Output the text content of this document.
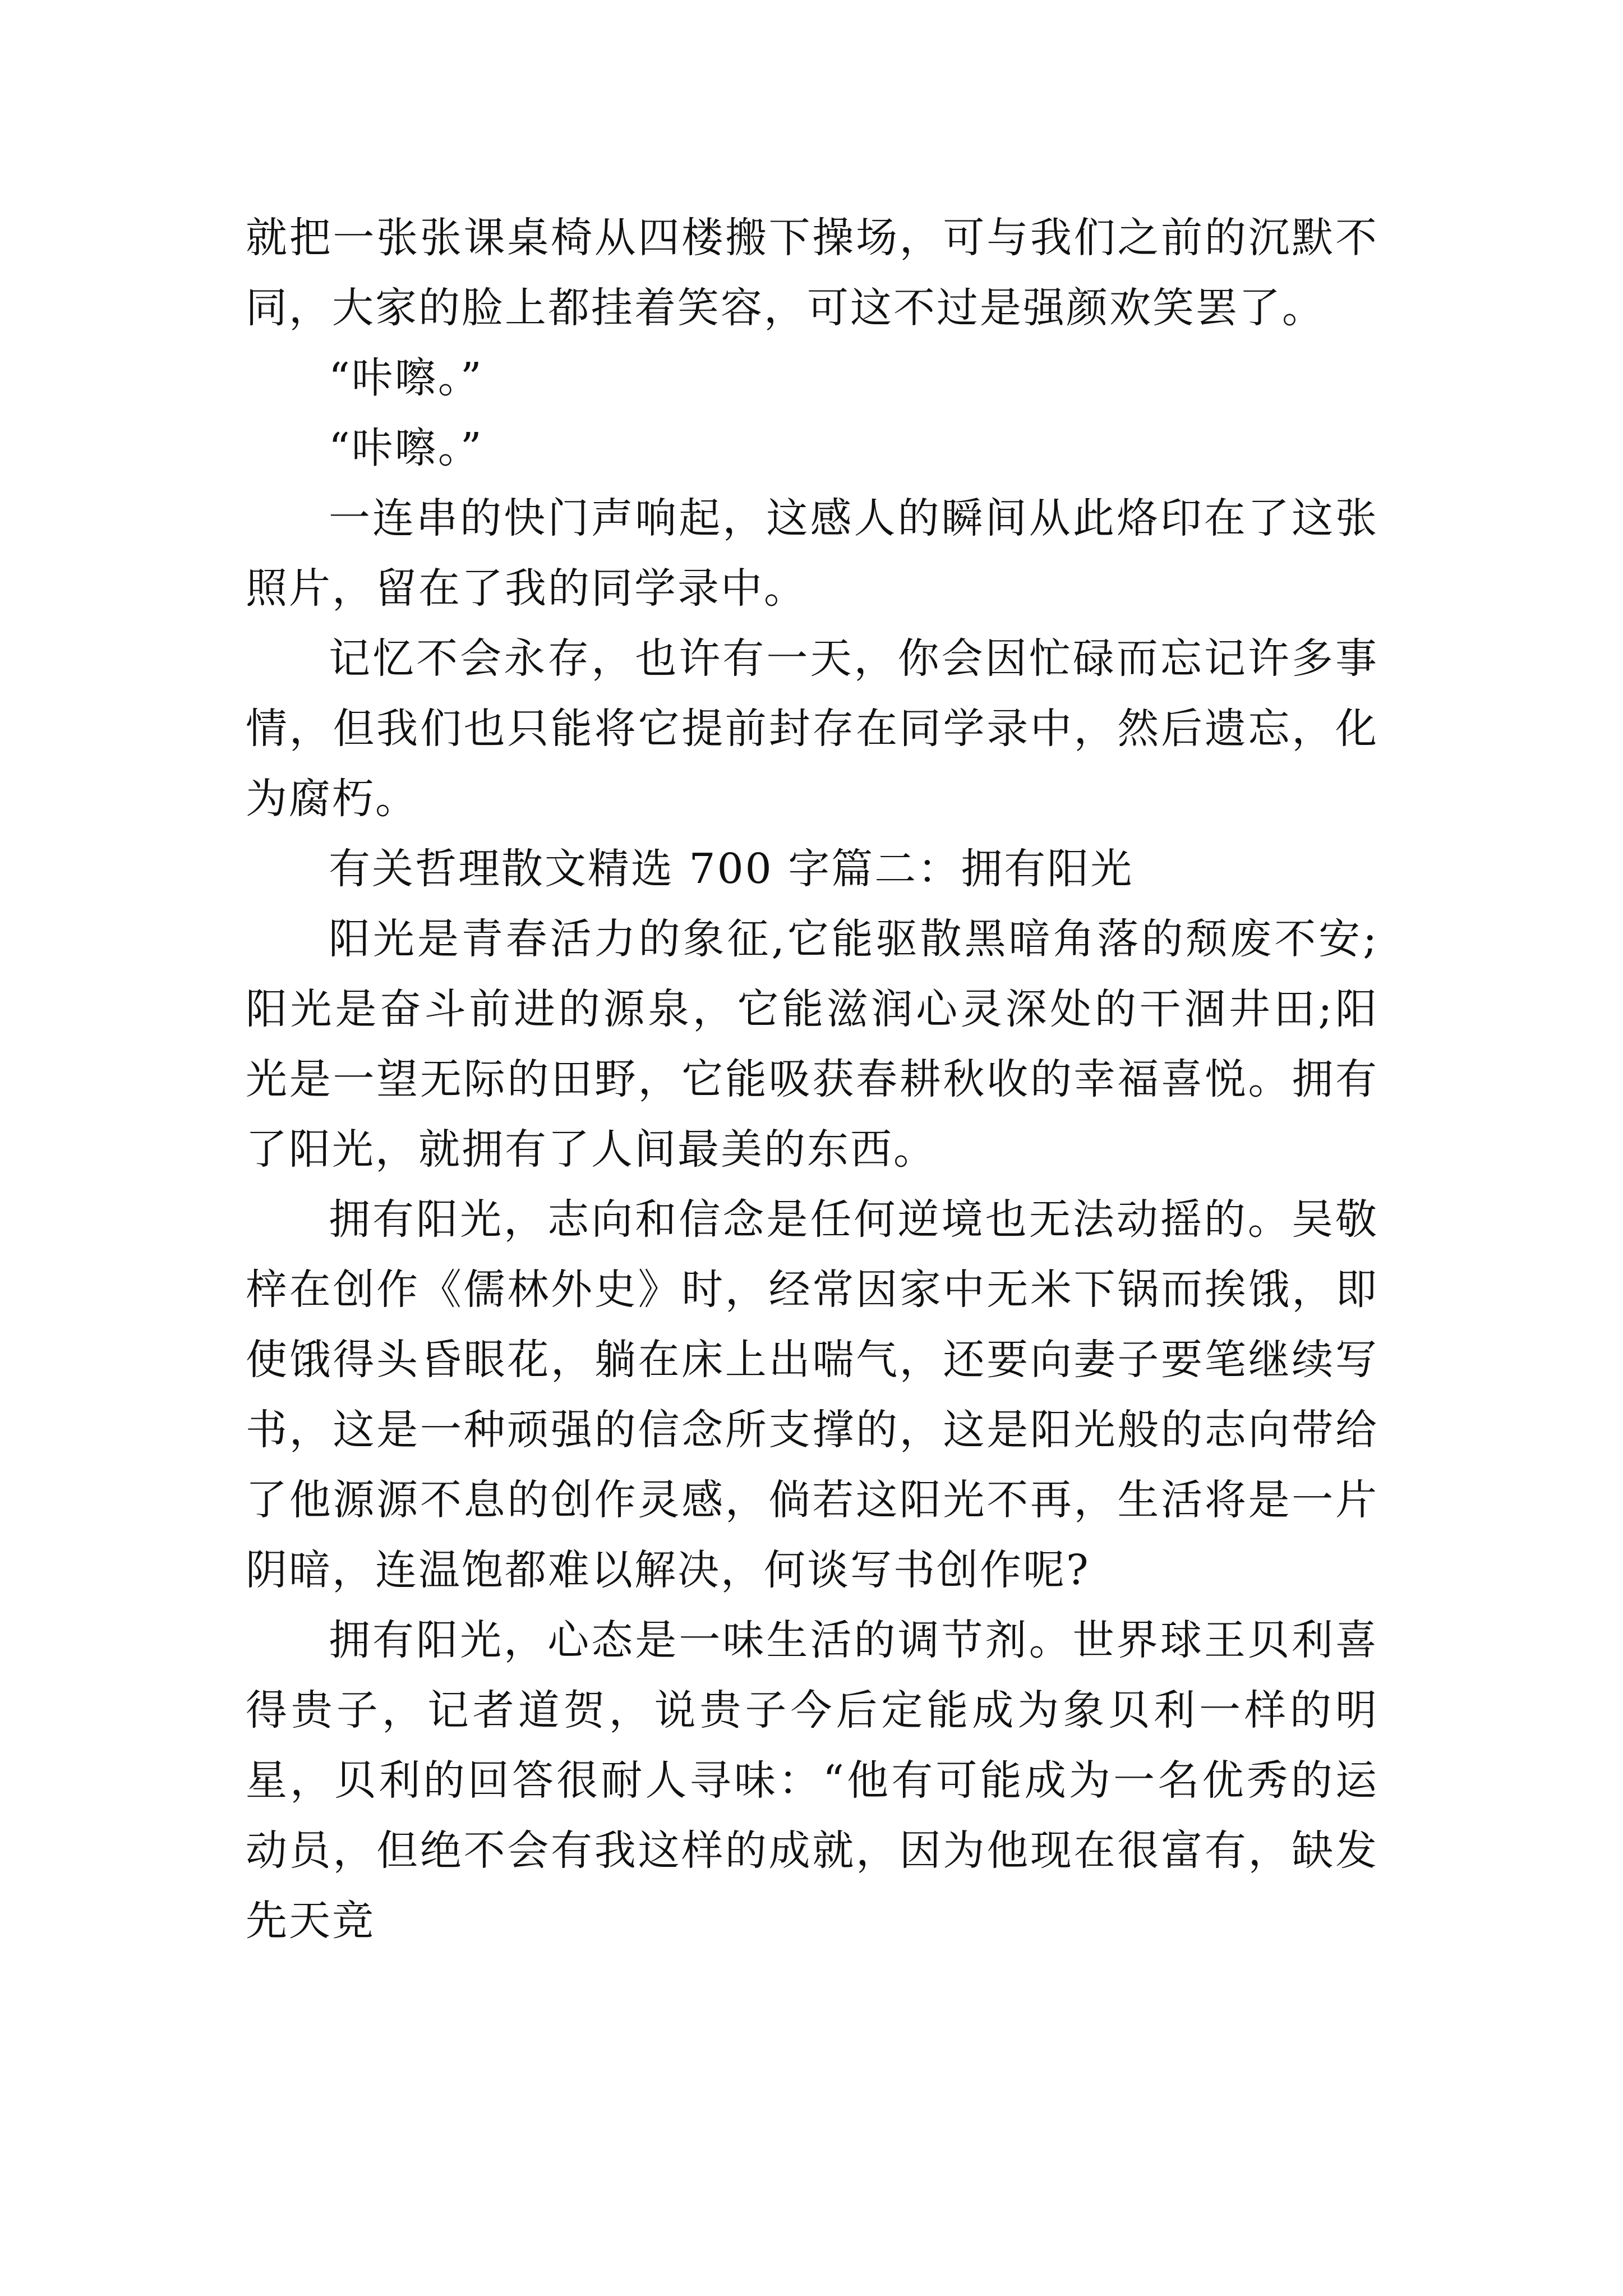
就把一张张课桌椅从四楼搬下操场，可与我们之前的沉默不同，大家的脸上都挂着笑容，可这不过是强颜欢笑罢了。

“咔嚓。”

“咔嚓。”

一连串的快门声响起，这感人的瞬间从此烙印在了这张照片，留在了我的同学录中。

记忆不会永存，也许有一天，你会因忙碌而忘记许多事情，但我们也只能将它提前封存在同学录中，然后遗忘，化为腐朽。

有关哲理散文精选 700 字篇二：拥有阳光

阳光是青春活力的象征,它能驱散黑暗角落的颓废不安;阳光是奋斗前进的源泉，它能滋润心灵深处的干涸井田;阳光是一望无际的田野，它能吸获春耕秋收的幸福喜悦。拥有了阳光，就拥有了人间最美的东西。

拥有阳光，志向和信念是任何逆境也无法动摇的。吴敬梓在创作《儒林外史》时，经常因家中无米下锅而挨饿，即使饿得头昏眼花，躺在床上出喘气，还要向妻子要笔继续写书，这是一种顽强的信念所支撑的，这是阳光般的志向带给了他源源不息的创作灵感，倘若这阳光不再，生活将是一片阴暗，连温饱都难以解决，何谈写书创作呢?

拥有阳光，心态是一味生活的调节剂。世界球王贝利喜得贵子，记者道贺，说贵子今后定能成为象贝利一样的明星，贝利的回答很耐人寻味：“他有可能成为一名优秀的运动员，但绝不会有我这样的成就，因为他现在很富有，缺发先天竞
